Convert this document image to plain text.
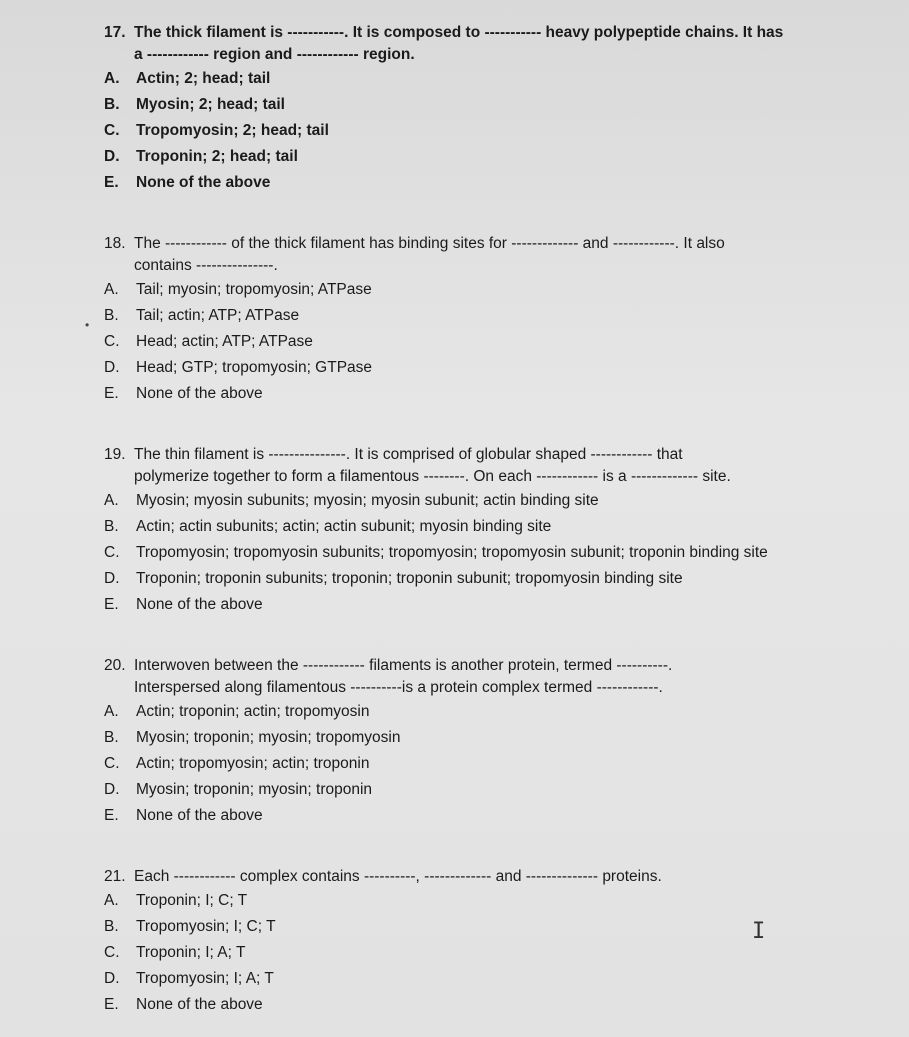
17. The thick filament is -----------. It is composed to ----------- heavy polypeptide chains. It has
a ------------ region and ------------ region.
A.	Actin; 2; head; tail
B.	Myosin; 2; head; tail
C.	Tropomyosin; 2; head; tail
D.	Troponin; 2; head; tail
E.	None of the above
18. The ------------ of the thick filament has binding sites for ------------- and ------------. It also
contains ---------------.
A.	Tail; myosin; tropomyosin; ATPase
B.	Tail; actin; ATP; ATPase
C.	Head; actin; ATP; ATPase
D.	Head; GTP; tropomyosin; GTPase
E.	None of the above
19. The thin filament is ---------------. It is comprised of globular shaped ------------ that
polymerize together to form a filamentous --------. On each ------------ is a ------------- site.
A.	Myosin; myosin subunits; myosin; myosin subunit; actin binding site
B.	Actin; actin subunits; actin; actin subunit; myosin binding site
C.	Tropomyosin; tropomyosin subunits; tropomyosin; tropomyosin subunit; troponin binding site
D.	Troponin; troponin subunits; troponin; troponin subunit; tropomyosin binding site
E.	None of the above
20. Interwoven between the ------------ filaments is another protein, termed ----------.
Interspersed along filamentous ----------is a protein complex termed ------------.
A.	Actin; troponin; actin; tropomyosin
B.	Myosin; troponin; myosin; tropomyosin
C.	Actin; tropomyosin; actin; troponin
D.	Myosin; troponin; myosin; troponin
E.	None of the above
21. Each ------------ complex contains ----------, ------------- and -------------- proteins.
A.	Troponin; I; C; T
B.	Tropomyosin; I; C; T
C.	Troponin; I; A; T
D.	Tropomyosin; I; A; T
E.	None of the above
•
I
